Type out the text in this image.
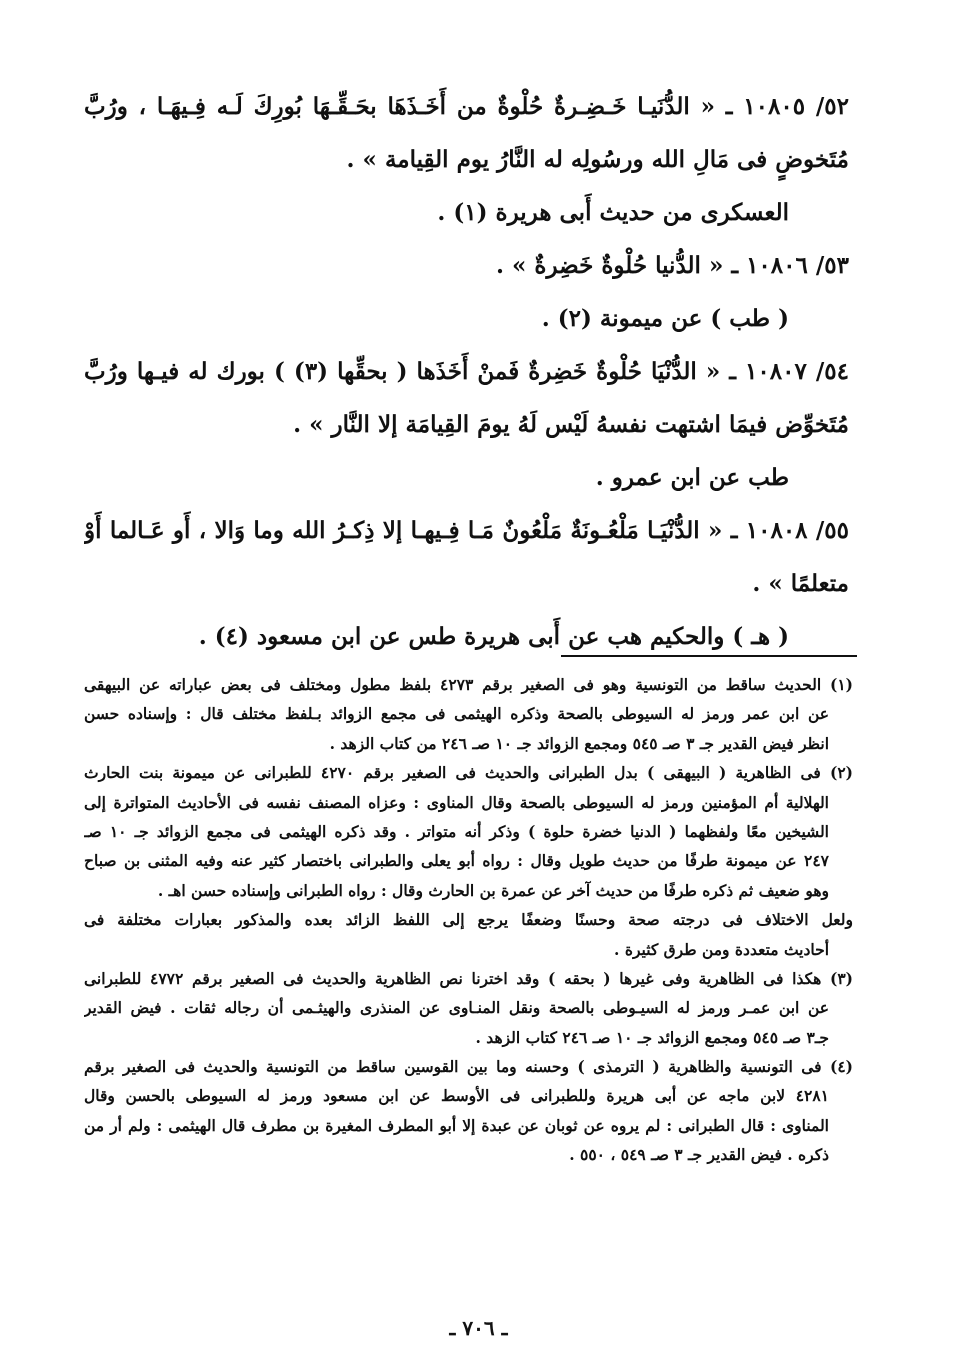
٥٢/ ١٠٨٠٥ ـ « الدُّنَيـا خَـضِـرةٌ حُلْوةٌ من أَخَـذَهَا بحَـقِّـهَا بُورِكَ لَـه فِـيهَـا ، ورُبَّ
مُتَخوضٍ فى مَالِ الله ورسُولِه له النَّارُ يوم القِيامة » .
العسكرى من حديث أَبى هريرة (١) .
٥٣/ ١٠٨٠٦ ـ « الدُّنيا حُلْوةٌ خَضِرةٌ » .
( طب ) عن ميمونة (٢) .
٥٤/ ١٠٨٠٧ ـ « الدُّنْيَا حُلْوةٌ خَضِرةٌ فَمنْ أَخَذَها ( بحقِّها (٣) ) بورك له فيـها ورُبَّ
مُتَخوِّض فيمَا اشتهت نفسهُ لَيْس لَهُ يومَ القِيامَة إلا النَّار » .
طب عن ابن عمرو .
٥٥/ ١٠٨٠٨ ـ « الدُّنْيَـا مَلْعُـونَةٌ مَلْعُونٌ مَـا فِـيهـا إلا ذِكـرُ الله وما وَالا ، أَو عَـالما أَوْ
متعلمًا » .
( هـ ) والحكيم هب عن أَبى هريرة طس عن ابن مسعود (٤) .
(١) الحديث ساقط من التونسية وهو فى الصغير برقم ٤٢٧٣ بلفظ مطول ومختلف فى بعض عباراته عن البيهقى
عن ابن عمر ورمز له السيوطى بالصحة وذكره الهيثمى فى مجمع الزوائد بـلفظ مختلف قال : وإسناده حسن
انظر فيض القدير جـ ٣ صـ ٥٤٥ ومجمع الزوائد جـ ١٠ صـ ٢٤٦ من كتاب الزهد .
(٢) فى الظاهرية ( البيهقى ) بدل الطبرانى والحديث فى الصغير برقم ٤٢٧٠ للطبرانى عن ميمونة بنت الحارث
الهلالية أم المؤمنين ورمز له السيوطى بالصحة وقال المناوى : وعزاه المصنف نفسه فى الأحاديث المتواترة إلى
الشيخين معًا ولفظهما ( الدنيا خضرة حلوة ) وذكر أنه متواتر . وقد ذكره الهيثمى فى مجمع الزوائد جـ ١٠ صـ
٢٤٧ عن ميمونة طرفًا من حديث طويل وقال : رواه أبو يعلى والطبرانى باختصار كثير عنه وفيه المثنى بن صباح
وهو ضعيف ثم ذكره طرفًا من حديث آخر عن عمرة بن الحارث وقال : رواه الطبرانى وإسناده حسن اهـ .
ولعل الاختلاف فى درجته صحة وحسنًا وضعفًا يرجع إلى اللفظ الزائد بعده والمذكور بعبارات مختلفة فى
أحاديث متعددة ومن طرق كثيرة .
(٣) هكذا فى الظاهرية وفى غيرها ( بحقه ) وقد اخترنا نص الظاهرية والحديث فى الصغير برقم ٤٧٧٢ للطبرانى
عن ابن عمـر ورمز له السيـوطى بالصحة ونقل المنـاوى عن المنذرى والهيثـمى أن رجاله ثقات . فيض القدير
جـ٣ صـ ٥٤٥ ومجمع الزوائد جـ ١٠ صـ ٢٤٦ كتاب الزهد .
(٤) فى التونسية والظاهرية ( الترمذى ) وحسنه وما بين القوسين ساقط من التونسية والحديث فى الصغير برقم
٤٢٨١ لابن ماجه عن أبى هريرة وللطبرانى فى الأوسط عن ابن مسعود ورمز له السيوطى بالحسن وقال
المناوى : قال الطبرانى : لم يروه عن ثوبان عن عبدة إلا أبو المطرف المغيرة بن مطرف قال الهيثمى : ولم أر من
ذكره . فيض القدير جـ ٣ صـ ٥٤٩ ، ٥٥٠ .
ـ ٧٠٦ ـ
